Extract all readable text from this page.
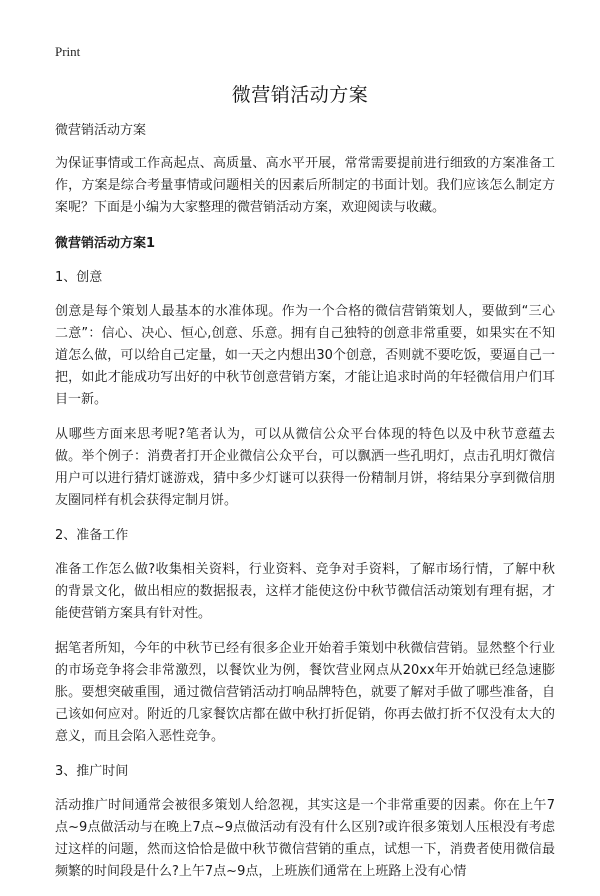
Print
微营销活动方案

微营销活动方案

为保证事情或工作高起点、高质量、高水平开展，常常需要提前进行细致的方案准备工作，方案是综合考量事情或问题相关的因素后所制定的书面计划。我们应该怎么制定方案呢？下面是小编为大家整理的微营销活动方案，欢迎阅读与收藏。

微营销活动方案1
1、创意

创意是每个策划人最基本的水准体现。作为一个合格的微信营销策划人，要做到“三心二意”：信心、决心、恒心,创意、乐意。拥有自己独特的创意非常重要，如果实在不知道怎么做，可以给自己定量，如一天之内想出30个创意，否则就不要吃饭，要逼自己一把，如此才能成功写出好的中秋节创意营销方案，才能让追求时尚的年轻微信用户们耳目一新。

从哪些方面来思考呢?笔者认为，可以从微信公众平台体现的特色以及中秋节意蕴去做。举个例子：消费者打开企业微信公众平台，可以飘洒一些孔明灯，点击孔明灯微信用户可以进行猜灯谜游戏，猜中多少灯谜可以获得一份精制月饼，将结果分享到微信朋友圈同样有机会获得定制月饼。

2、准备工作

准备工作怎么做?收集相关资料，行业资料、竞争对手资料，了解市场行情，了解中秋的背景文化，做出相应的数据报表，这样才能使这份中秋节微信活动策划有理有据，才能使营销方案具有针对性。

据笔者所知，今年的中秋节已经有很多企业开始着手策划中秋微信营销。显然整个行业的市场竞争将会非常激烈，以餐饮业为例，餐饮营业网点从20xx年开始就已经急速膨胀。要想突破重围，通过微信营销活动打响品牌特色，就要了解对手做了哪些准备，自己该如何应对。附近的几家餐饮店都在做中秋打折促销，你再去做打折不仅没有太大的意义，而且会陷入恶性竞争。

3、推广时间

活动推广时间通常会被很多策划人给忽视，其实这是一个非常重要的因素。你在上午7点~9点做活动与在晚上7点~9点做活动有没有什么区别?或许很多策划人压根没有考虑过这样的问题，然而这恰恰是做中秋节微信营销的重点，试想一下，消费者使用微信最频繁的时间段是什么?上午7点~9点，上班族们通常在上班路上没有心情
